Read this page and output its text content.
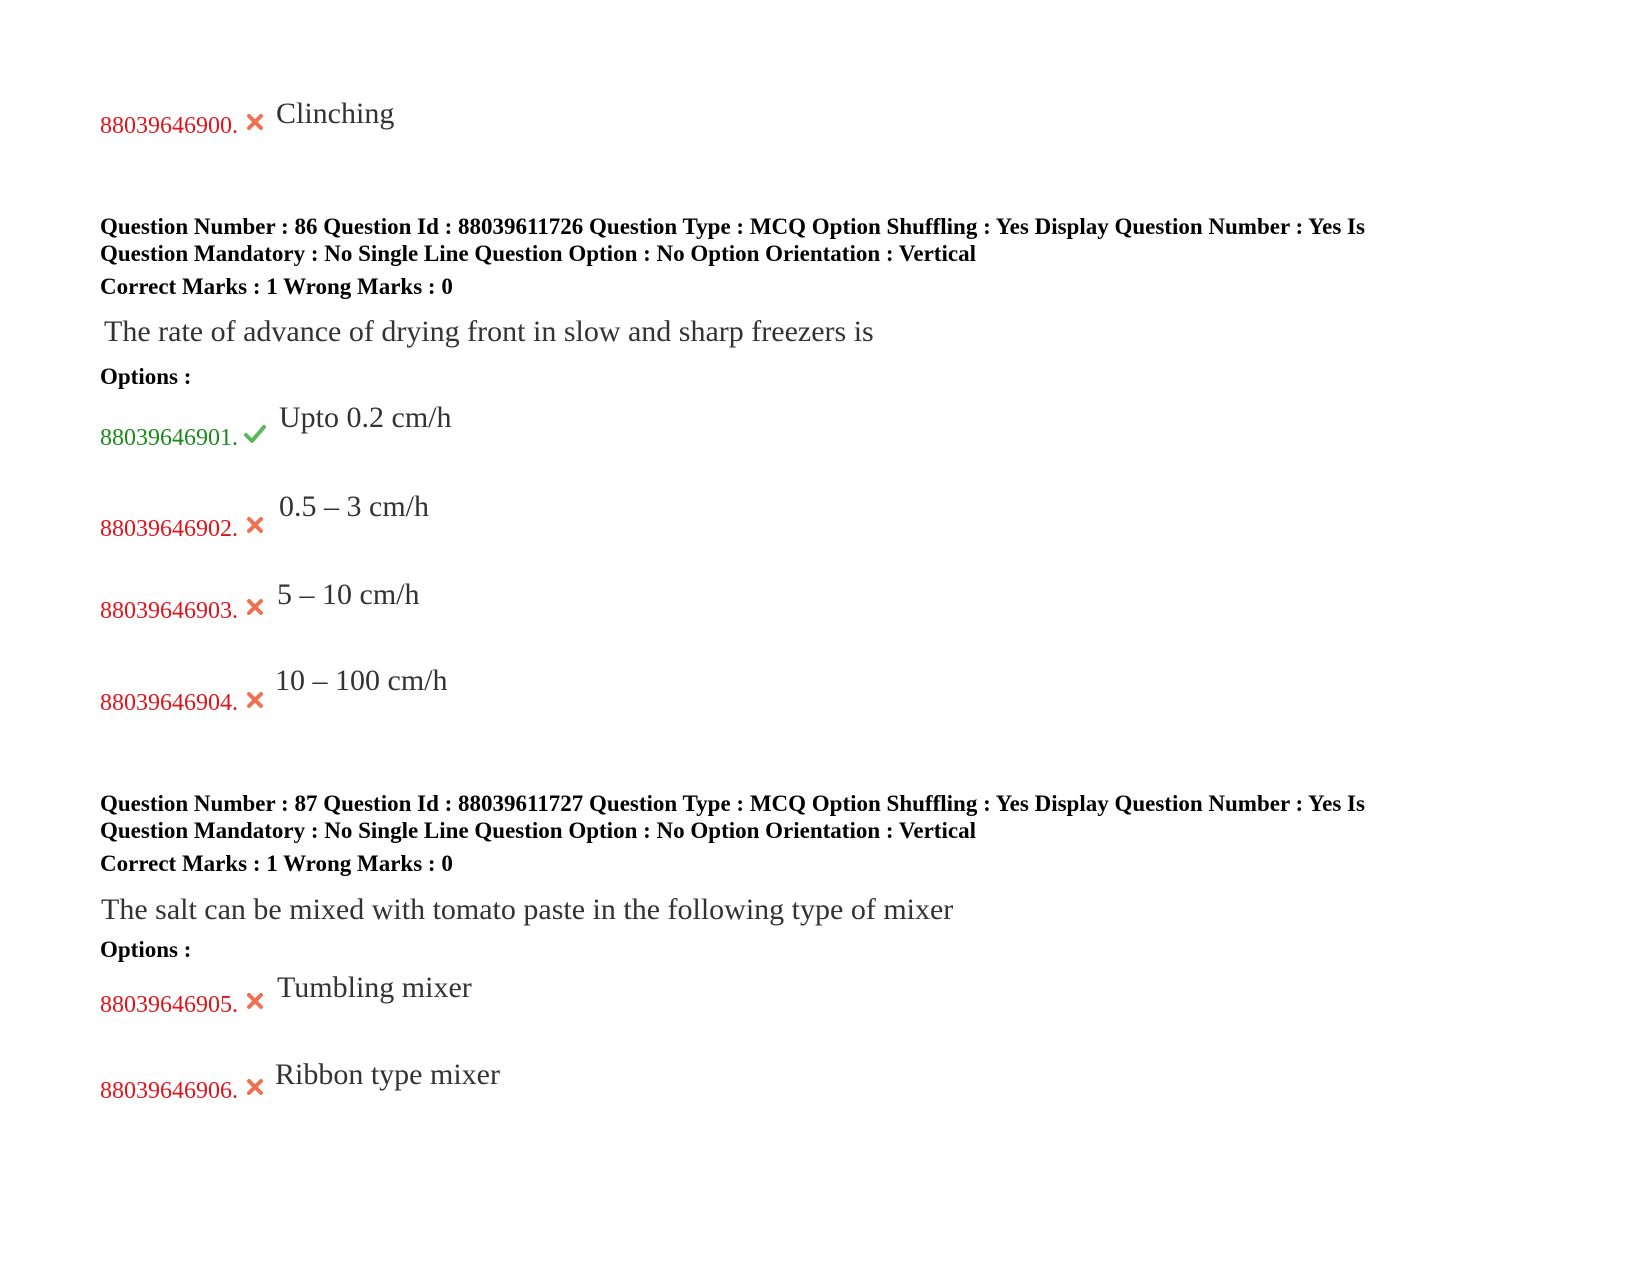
88039646900. Clinching
Question Number : 86 Question Id : 88039611726 Question Type : MCQ Option Shuffling : Yes Display Question Number : Yes Is
Question Mandatory : No Single Line Question Option : No Option Orientation : Vertical
Correct Marks : 1 Wrong Marks : 0
The rate of advance of drying front in slow and sharp freezers is
Options :
88039646901.
Upto 0.2 cm/h
88039646902.
0.5 – 3 cm/h
88039646903. 5 – 10 cm/h
88039646904.
10 – 100 cm/h
Question Number : 87 Question Id : 88039611727 Question Type : MCQ Option Shuffling : Yes Display Question Number : Yes Is
Question Mandatory : No Single Line Question Option : No Option Orientation : Vertical
Correct Marks : 1 Wrong Marks : 0
The salt can be mixed with tomato paste in the following type of mixer
Options :
88039646905.
Tumbling mixer
88039646906. Ribbon type mixer
